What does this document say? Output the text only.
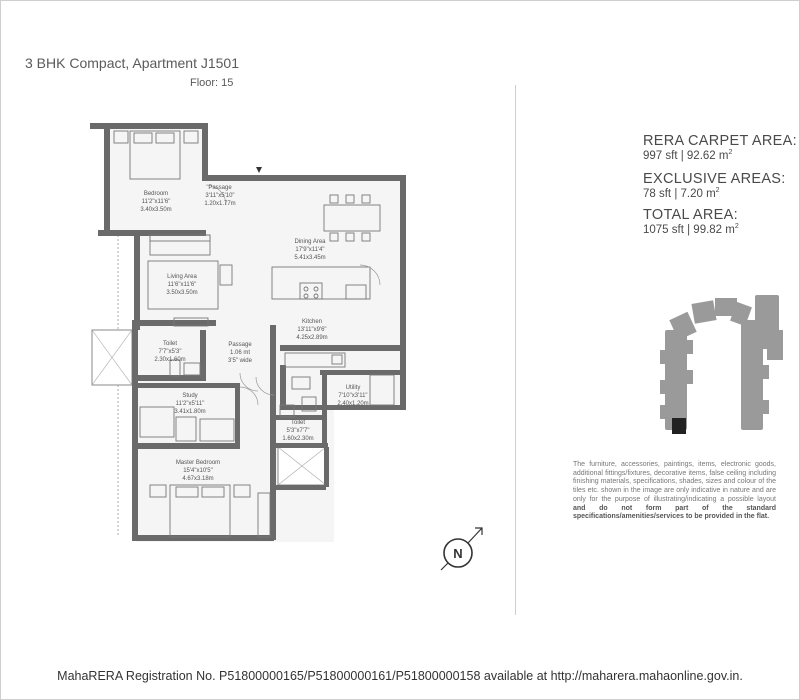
3 BHK Compact, Apartment J1501
Floor: 15
RERA CARPET AREA:
997 sft | 92.62 $m^2$
EXCLUSIVE AREAS:
78 sft | 7.20 $m^2$
TOTAL AREA:
1075 sft | 99.82 $m^2$
The furniture, accessories, paintings, items, electronic goods, additional fittings/fixtures, decorative items, false ceiling including finishing materials, specifications, shades, sizes and colour of the tiles etc. shown in the image are only indicative in nature and are only for the purpose of illustrating/indicating a possible layout and do not form part of the standard specifications/amenities/services to be provided in the flat.
N
Bedroom
11'2"x11'6"
3.40x3.50m
Passage
3'11"x5'10"
1.20x1.77m
Dining Area
17'9"x11'4"
5.41x3.45m
Living Area
11'6"x11'6"
3.50x3.50m
Kitchen
13'11"x9'6"
4.25x2.89m
Passage
1.06 mt
3'5" wide
Toilet
7'7"x5'3"
2.30x1.60m
Utility
7'10"x3'11"
2.40x1.20m
Study
11'2"x5'11"
3.41x1.80m
Toilet
5'3"x7'7"
1.60x2.30m
Master Bedroom
15'4"x10'5"
4.67x3.18m
MahaRERA Registration No. P51800000165/P51800000161/P51800000158 available at http://maharera.mahaonline.gov.in.
